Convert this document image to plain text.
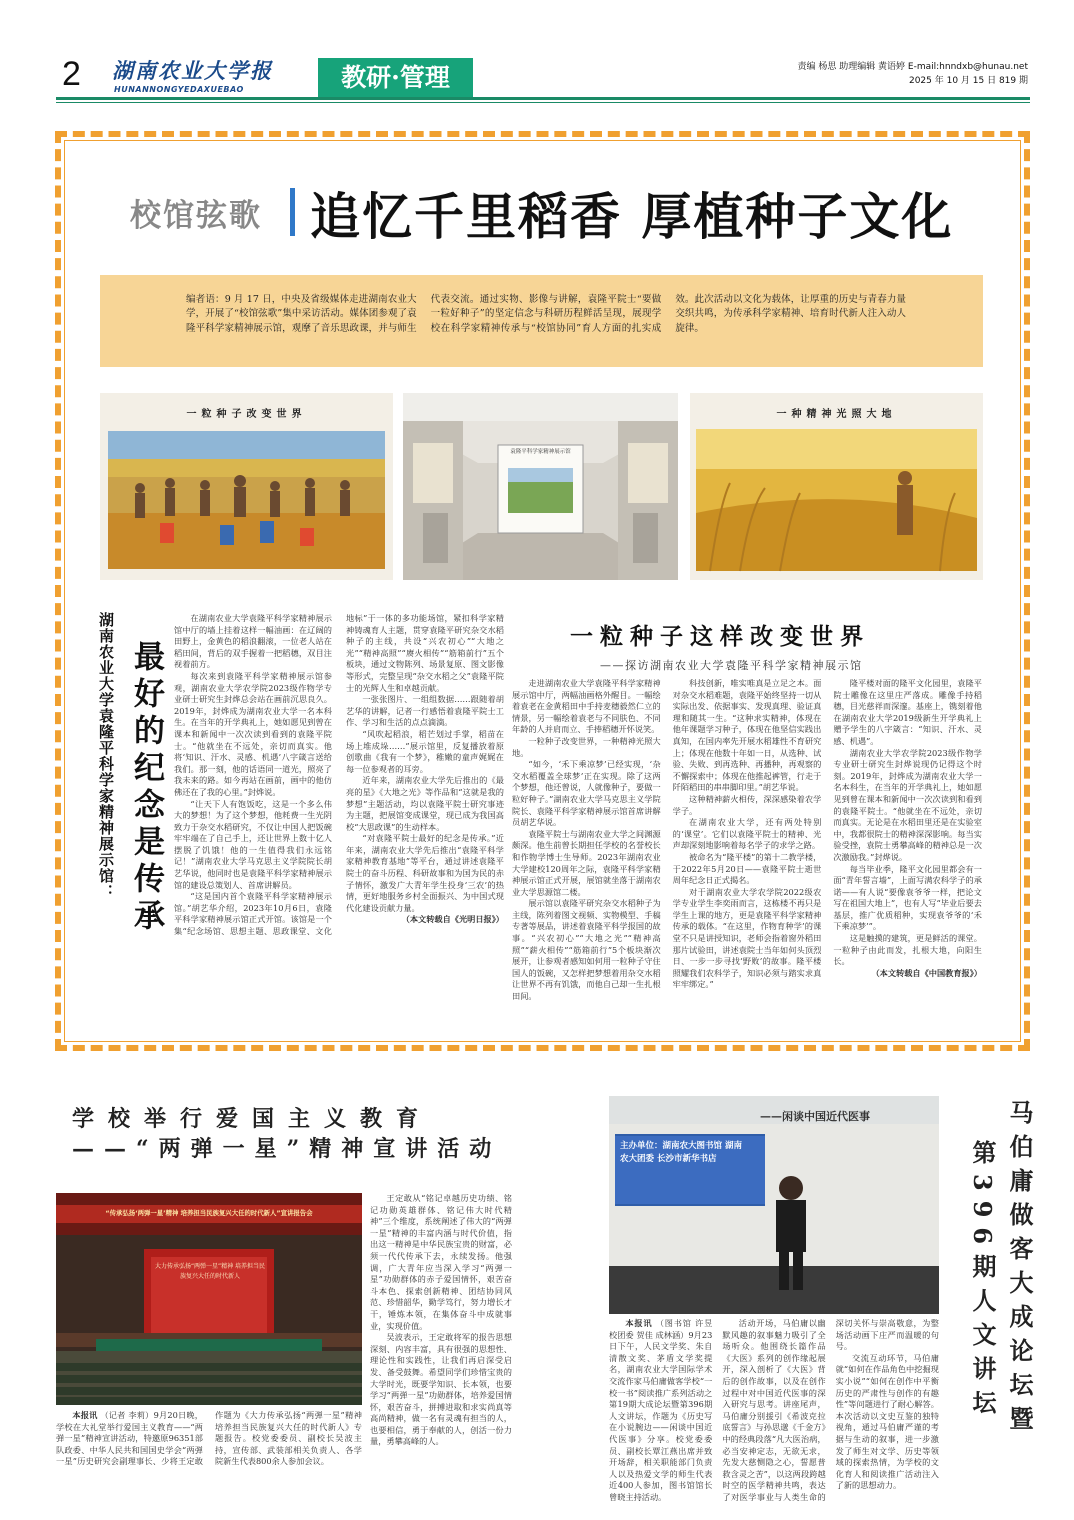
2 湖南农业大学报
HUNANNONGYEDAXUEBAO	教研·管理	责编 杨思 助理编辑 黄语婷 E-mail:hnndxb@hunau.net
2025 年 10 月 15 日 819 期
校馆弦歌 追忆千里稻香 厚植种子文化
编者语：9 月 17 日，中央及省级媒体走进湖南农业大学，开展了“校馆弦歌”集中采访活动。媒体团参观了袁隆平科学家精神展示馆，观摩了音乐思政课，并与师生代表交流。通过实物、影像与讲解，袁隆平院士“要做一粒好种子”的坚定信念与科研历程鲜活呈现，展现学校在科学家精神传承与“校馆协同”育人方面的扎实成效。此次活动以文化为载体，让厚重的历史与青春力量交织共鸣，为传承科学家精神、培育时代新人注入动人旋律。
一粒种子改变世界
袁隆平科学家精神展示馆
一种精神光照大地
湖南农业大学袁隆平科学家精神展示馆： 最好的纪念是传承

在湖南农业大学袁隆平科学家精神展示馆中厅的墙上挂着这样一幅油画：在辽阔的田野上，金黄色的稻浪翻滚，一位老人站在稻田间，背后的双手握着一把稻穗，双目注视着前方。

每次来到袁隆平科学家精神展示馆参观，湖南农业大学农学院2023级作物学专业研士研究生封烨总会站在画前沉思良久。2019年，封烨成为湖南农业大学一名本科生。在当年的开学典礼上，她如愿见到曾在课本和新闻中一次次读到看到的袁隆平院士。“他就坐在不远处，亲切而真实。他将‘知识、汗水、灵感、机遇’八字箴言送给我们。那一刻，他的话语同一道光，照亮了我未来的路。如今再站在画前，画中的他仿佛还在了我的心里。”封烨说。

“让天下人有饱饭吃，这是一个多么伟大的梦想！为了这个梦想，他耗费一生光阴致力于杂交水稻研究，不仅让中国人把饭碗牢牢端在了自己手上，还让世界上数十亿人摆脱了饥饿！他的一生值得我们永远铭记！”湖南农业大学马克思主义学院院长胡艺华说，他同时也是袁隆平科学家精神展示馆的建设总策划人、首席讲解员。

“这是国内首个袁隆平科学家精神展示馆。”胡艺华介绍，2023年10月6日，袁隆平科学家精神展示馆正式开馆。该馆是一个集“纪念场馆、思想主题、思政课堂、文化地标”于一体的多功能场馆，紧扣科学家精神铸魂育人主题，贯穿袁隆平研究杂交水稻种子的主线，共设“兴农初心”“大地之光”“精神高照”“赓火相传”“筋箱前行”五个板块，通过文物陈列、场景复原、图文影像等形式，完整呈现“杂交水稻之父”袁隆平院士的光辉人生和卓越贡献。

一张张图片、一组组数据……跟随着胡艺华的讲解，记者一行感悟着袁隆平院士工作、学习和生活的点点滴滴。

“风吹起稻浪，稻芒划过手掌，稻苗在场上堆成垛……”展示馆里，反复播放着原创歌曲《我有一个梦》，稚嫩的童声娓娓在每一位参观者的耳旁。

近年来，湖南农业大学先后推出的《最亮的星》《大地之光》等作品和“这就是我的梦想”主题活动，均以袁隆平院士研究事迹为主题，把展馆变成课堂，现已成为我国高校“大思政课”的生动样本。

“对袁隆平院士最好的纪念是传承。”近年来，湖南农业大学先后推出“袁隆平科学家精神教育基地”等平台，通过讲述袁隆平院士的奋斗历程、科研故事和为国为民的赤子情怀，激发广大青年学生投身‘三农’的热情，更好地服务乡村全面振兴、为中国式现代化建设贡献力量。

（本文转载自《光明日报》）

一粒种子这样改变世界
——探访湖南农业大学袁隆平科学家精神展示馆

走进湖南农业大学袁隆平科学家精神展示馆中厅，两幅油画格外醒目。一幅绘着袁老在金黄稻田中手持麦穗毅然仁立的情景，另一幅绘着袁老与不同肤色、不同年龄的人并肩而立、手捧稻穗开怀说笑。

一粒种子改变世界，一种精神光照大地。

“如今，‘禾下乘凉梦’已经实现，‘杂交水稻覆盖全球梦’正在实现。除了这两个梦想，他还曾说，人就像种子，要做一粒好种子。”湖南农业大学马克思主义学院院长、袁隆平科学家精神展示馆首席讲解员胡艺华说。

袁隆平院士与湖南农业大学之间渊源颇深。他生前曾长期担任学校的名誉校长和作物学博士生导师。2023年湖南农业大学建校120周年之际，袁隆平科学家精神展示馆正式开展，展馆就坐落于湖南农业大学思源馆二楼。

展示馆以袁隆平研究杂交水稻种子为主线，陈列着图文视频、实物模型、手稿专著等展品，讲述着袁隆平科学报国的故事。“兴农初心”“大地之光”“精神高照”“薪火相传”“筋箱前行”5个板块渐次展开，让参观者感知如何用一粒种子守住国人的饭碗，又怎样把梦想着用杂交水稻让世界不再有饥饿，而他自己却一生扎根田间。

科技创新，唯实唯真是立足之本。面对杂交水稻难题，袁隆平始终坚持一切从实际出发、依据事实、发现真理、验证真理和随其一生。“这种求实精神，体现在他年课题学习种子，体现在他坚信实践出真知，在国内率先开展水稻雄性不育研究上；体现在他数十年如一日，从选种、试验、失败、到再选种、再播种，再观察的不懈探索中；体现在他推起裤管，行走于阡陌稻田的串串脚印里。”胡艺华说。

这种精神薪火相传，深深感染着农学学子。

在湖南农业大学，还有两处特别的‘课堂’。它们以袁隆平院士的精神、光声却深刻地影响着每名学子的求学之路。

被命名为“隆平楼”的第十二教学楼，于2022年5月20日——袁隆平院士逝世周年纪念日正式揭名。

对于湖南农业大学农学院2022级农学专业学生李奕雨而言，这栋楼不再只是学生上课的地方，更是袁隆平科学家精神传承的载体。“在这里，作物育种学’的课堂不只是讲授知识，老师会指着窗外稻田那片试验田，讲述袁院士当年如何头顶烈日、一步一步寻找‘野败’的故事。隆平楼照耀我们农科学子，知识必须与踏实求真牢牢绑定。”

隆平楼对面的隆平文化园里，袁隆平院士雕像在这里庄严落成。雕像手持稻穗，目光慈祥而深邃。基座上，镌刻着他在湖南农业大学2019级新生开学典礼上赠予学生的八字箴言：“知识、汗水、灵感、机遇”。

湖南农业大学农学院2023级作物学专业研士研究生封烨说现仍记得这个时刻。2019年，封烨成为湖南农业大学一名本科生，在当年的开学典礼上，她如愿见到曾在课本和新闻中一次次读到和看到的袁隆平院士。“他就坐在不远处，亲切而真实。无论是在水稻田里还是在实验室中，我都很院士的精神深深影响。每当实验受挫，袁院士勇攀高峰的精神总是一次次激励我。”封烨说。

每当毕业季，隆平文化园里都会有一面“青年誓言墙”，上面写满农科学子的承诺——有人说“要像袁爷爷一样，把论文写在祖国大地上”，也有人写“毕业后要去基层，推广优质稻种，实现袁爷爷的‘禾下乘凉梦’”。

这是触摸的建筑，更是鲜活的课堂。一粒种子由此而发，扎根大地，向阳生长。

（本文转载自《中国教育报》）

学校举行爱国主义教育
——“两弹一星”精神宣讲活动
“传承弘扬‘两弹一星’精神 培养担当民族复兴大任的时代新人”宣讲报告会
大力传承弘扬“两弹一星”精神 培养担当民族复兴大任的时代新人

本报讯 （记者 李莉）9月20日晚，学校在大礼堂举行爱国主义教育——“两弹一星”精神宣讲活动，特邀原96351部队政委、中华人民共和国国史学会“两弹一星”历史研究会副理事长、少将王定敢作题为《大力传承弘扬“两弹一星”精神 培养担当民族复兴大任的时代新人》专题报告。校党委委员、副校长吴波主持，宣传部、武装部相关负责人、各学院新生代表800余人参加会议。

王定敢从“铭记卓越历史功绩、铭记功勋英雄群体、铭记伟大时代精神”三个维度，系统阐述了伟大的“两弹一星”精神的丰富内涵与时代价值，指出这一精神是中华民族宝贵的财富，必须一代代传承下去，永续发扬。他强调，广大青年应当深入学习“两弹一星”功勋群体的赤子爱国情怀，艰苦奋斗本色、探索创新精神、团结协同风范、珍惜韶华，勤学笃行，努力增长才干，锤炼本领，在集体奋斗中成就事业，实现价值。

吴波表示，王定敢将军的报告思想深刻、内容丰富，具有很强的思想性、理论性和实践性，让我们再启深受启发、备受鼓舞。希望同学们珍惜宝贵的大学时光，既要学知识、长本领，也要学习“两弹一星”功勋群体，培养爱国情怀，艰苦奋斗，拼搏进取和求实尚真等高尚精神，做一名有灵魂有担当的人，也要相信，勇于奉献的人，创活一份力量，勇攀高峰的人。

——闲谈中国近代医事
主办单位：湖南农大图书馆 湖南农大团委 长沙市新华书店

本报讯 （图书馆 许昱 校团委 贺佳 成林涵）9月23日下午，人民文学奖、朱自清散文奖、茅盾文学奖提名，湖南农业大学国际学术交流作家马伯庸做客学校“一校一书”阅读推广系列活动之第19期大成论坛暨第396期人文讲坛，作题为《历史写在小说腕边——闲谈中国近代医事》分享。校党委委员、副校长覃江燕出席并致开场辞，相关职能部门负责人以及热爱文学的师生代表近400人参加，图书馆馆长曾晓主持活动。

活动开场，马伯庸以幽默风趣的叙事魅力吸引了全场听众。他围绕长篇作品《大医》系列的创作缘起展开，深入剖析了《大医》背后的创作故事，以及在创作过程中对中国近代医事的深入研究与思考。讲座尾声，马伯庸分别援引《希波克拉底誓言》与孙思邈《千金方》中的经典段落“凡大医治病，必当安神定志，无欲无求，先发大慈恻隐之心，誓愿普救含灵之苦”，以这两段跨越时空的医学精神共鸣，表达了对医学事业与人类生命的深切关怀与崇高敬意，为整场活动画下庄严而温暖的句号。

交流互动环节，马伯庸就“如何在作品角色中挖掘现实小说”“如何在创作中平衡历史的严肃性与创作的有趣性”等问题进行了耐心解答。本次活动以文史互鉴的独特视角，通过马伯庸严谨的考据与生动的叙事，进一步激发了师生对文学、历史等领域的探索热情，为学校的文化育人和阅读推广活动注入了新的思想动力。

马伯庸做客大成论坛暨
第396期人文讲坛
